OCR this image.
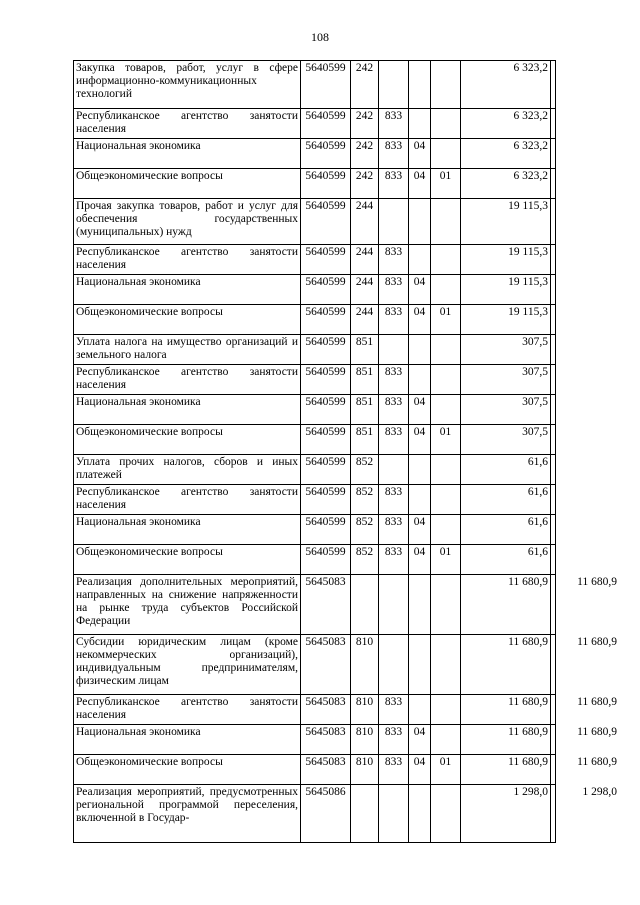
108
Закупка товаров, работ, услуг в сфере информационно-коммуникационных технологий	5640599	242				6 323,2	

Республиканское агентство занятости населения	5640599	242	833			6 323,2	

Национальная экономика	5640599	242	833	04		6 323,2	

Общеэкономические вопросы	5640599	242	833	04	01	6 323,2	

Прочая закупка товаров, работ и услуг для обеспечения государственных (муниципальных) нужд	5640599	244				19 115,3	

Республиканское агентство занятости населения	5640599	244	833			19 115,3	

Национальная экономика	5640599	244	833	04		19 115,3	

Общеэкономические вопросы	5640599	244	833	04	01	19 115,3	

Уплата налога на имущество организаций и земельного налога	5640599	851				307,5	

Республиканское агентство занятости населения	5640599	851	833			307,5	

Национальная экономика	5640599	851	833	04		307,5	

Общеэкономические вопросы	5640599	851	833	04	01	307,5	

Уплата прочих налогов, сборов и иных платежей	5640599	852				61,6	

Республиканское агентство занятости населения	5640599	852	833			61,6	

Национальная экономика	5640599	852	833	04		61,6	

Общеэкономические вопросы	5640599	852	833	04	01	61,6	

Реализация дополнительных мероприятий, направленных на снижение напряженности на рынке труда субъектов Российской Федерации	5645083					11 680,9	11 680,9

Субсидии юридическим лицам (кроме некоммерческих организаций), индивидуальным предпринимателям, физическим лицам	5645083	810				11 680,9	11 680,9

Республиканское агентство занятости населения	5645083	810	833			11 680,9	11 680,9

Национальная экономика	5645083	810	833	04		11 680,9	11 680,9

Общеэкономические вопросы	5645083	810	833	04	01	11 680,9	11 680,9

Реализация мероприятий, предусмотренных региональной программой переселения, включенной в Государ-	5645086					1 298,0	1 298,0
